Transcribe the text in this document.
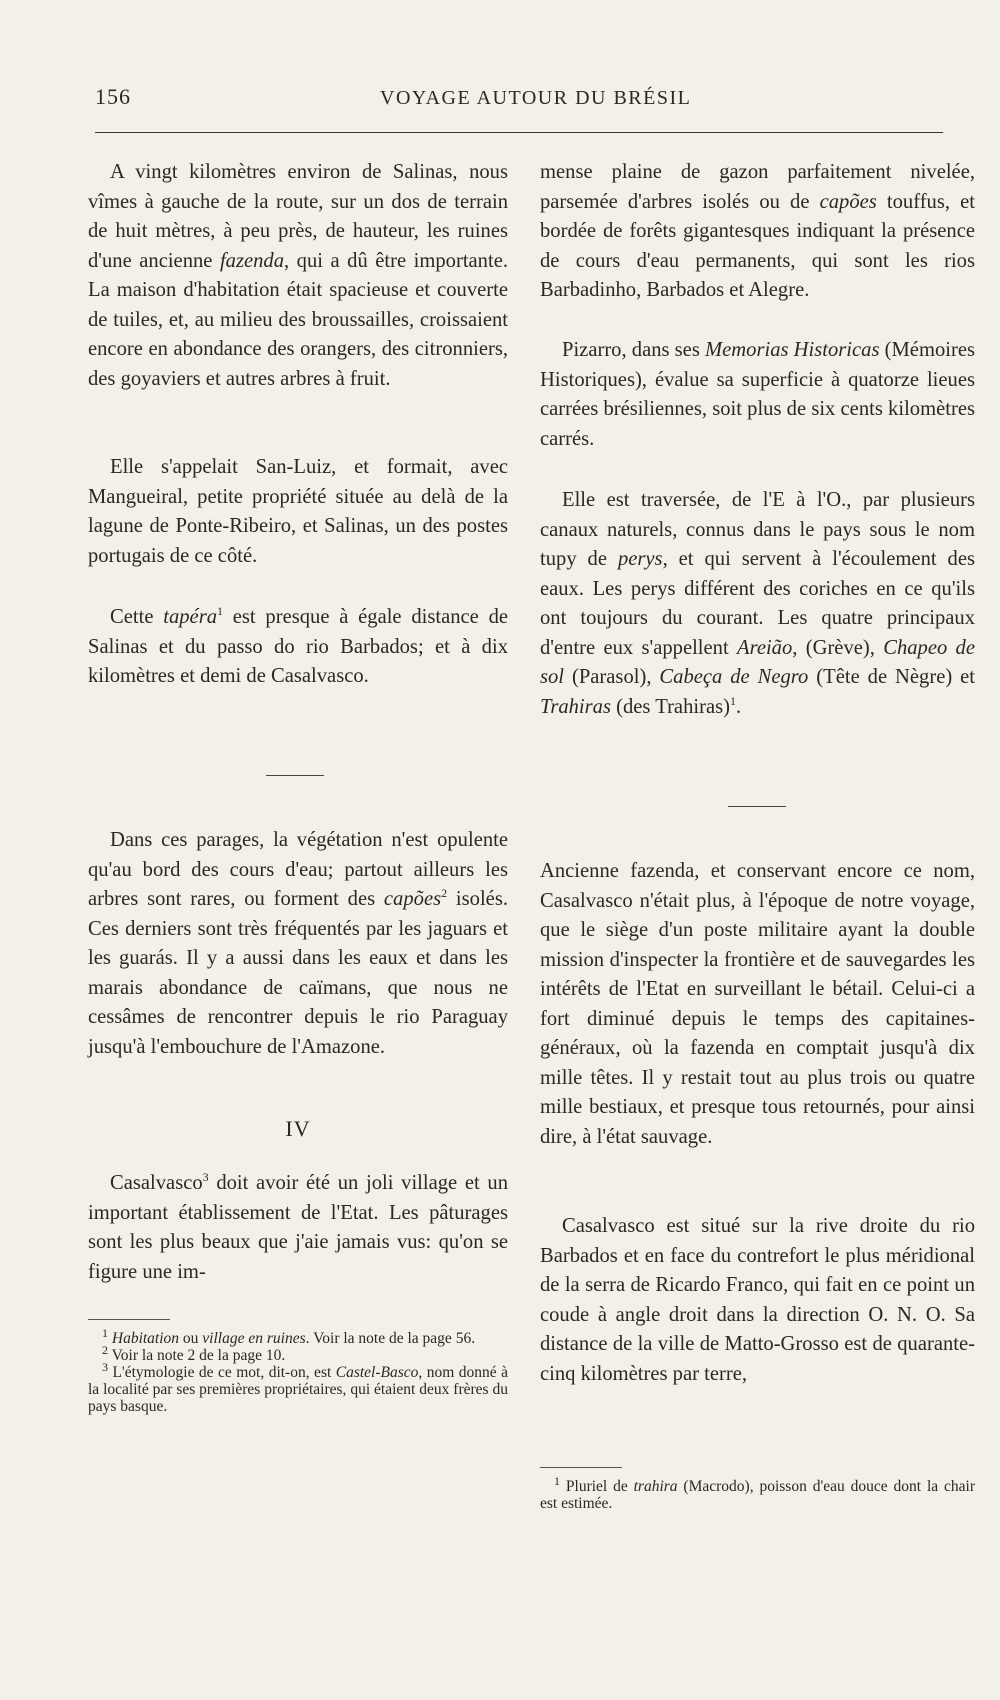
156	VOYAGE AUTOUR DU BRÉSIL

A vingt kilomètres environ de Salinas, nous vîmes à gauche de la route, sur un dos de terrain de huit mètres, à peu près, de hauteur, les ruines d'une ancienne fazenda, qui a dû être importante. La maison d'habitation était spacieuse et couverte de tuiles, et, au milieu des broussailles, croissaient encore en abondance des orangers, des citronniers, des goyaviers et autres arbres à fruit.

Elle s'appelait San-Luiz, et formait, avec Mangueiral, petite propriété située au delà de la lagune de Ponte-Ribeiro, et Salinas, un des postes portugais de ce côté.

Cette tapéra$^1$ est presque à égale distance de Salinas et du passo do rio Barbados; et à dix kilomètres et demi de Casalvasco.

Dans ces parages, la végétation n'est opulente qu'au bord des cours d'eau; partout ailleurs les arbres sont rares, ou forment des capões$^2$ isolés. Ces derniers sont très fréquentés par les jaguars et les guarás. Il y a aussi dans les eaux et dans les marais abondance de caïmans, que nous ne cessâmes de rencontrer depuis le rio Paraguay jusqu'à l'embouchure de l'Amazone.

IV

Casalvasco$^3$ doit avoir été un joli village et un important établissement de l'Etat. Les pâturages sont les plus beaux que j'aie jamais vus: qu'on se figure une im-

$^1$ Habitation ou village en ruines. Voir la note de la page 56.

$^2$ Voir la note 2 de la page 10.

$^3$ L'étymologie de ce mot, dit-on, est Castel-Basco, nom donné à la localité par ses premières propriétaires, qui étaient deux frères du pays basque.

mense plaine de gazon parfaitement nivelée, parsemée d'arbres isolés ou de capões touffus, et bordée de forêts gigantesques indiquant la présence de cours d'eau permanents, qui sont les rios Barbadinho, Barbados et Alegre.

Pizarro, dans ses Memorias Historicas (Mémoires Historiques), évalue sa superficie à quatorze lieues carrées brésiliennes, soit plus de six cents kilomètres carrés.

Elle est traversée, de l'E à l'O., par plusieurs canaux naturels, connus dans le pays sous le nom tupy de perys, et qui servent à l'écoulement des eaux. Les perys différent des coriches en ce qu'ils ont toujours du courant. Les quatre principaux d'entre eux s'appellent Areião, (Grève), Chapeo de sol (Parasol), Cabeça de Negro (Tête de Nègre) et Trahiras (des Trahiras)$^1$.

Ancienne fazenda, et conservant encore ce nom, Casalvasco n'était plus, à l'époque de notre voyage, que le siège d'un poste militaire ayant la double mission d'inspecter la frontière et de sauvegardes les intérêts de l'Etat en surveillant le bétail. Celui-ci a fort diminué depuis le temps des capitaines-généraux, où la fazenda en comptait jusqu'à dix mille têtes. Il y restait tout au plus trois ou quatre mille bestiaux, et presque tous retournés, pour ainsi dire, à l'état sauvage.

Casalvasco est situé sur la rive droite du rio Barbados et en face du contrefort le plus méridional de la serra de Ricardo Franco, qui fait en ce point un coude à angle droit dans la direction O. N. O. Sa distance de la ville de Matto-Grosso est de quarante-cinq kilomètres par terre,

$^1$ Pluriel de trahira (Macrodo), poisson d'eau douce dont la chair est estimée.
